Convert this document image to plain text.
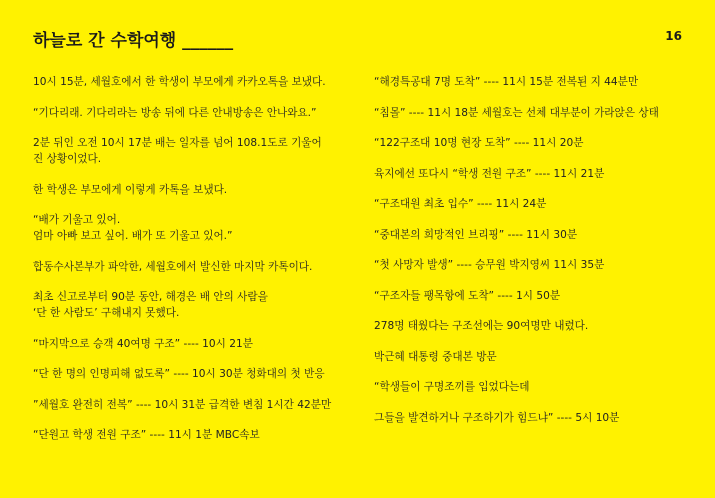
하늘로 간 수학여행 ______	16

10시 15분, 세월호에서 한 학생이 부모에게 카카오톡을 보냈다.

“기다리래. 기다리라는 방송 뒤에 다른 안내방송은 안나와요.”

2분 뒤인 오전 10시 17분 배는 일자를 넘어 108.1도로 기울어
진 상황이었다.

한 학생은 부모에게 이렇게 카톡을 보냈다.

“배가 기울고 있어.
엄마 아빠 보고 싶어. 배가 또 기울고 있어.”

합동수사본부가 파악한, 세월호에서 발신한 마지막 카톡이다.

최초 신고로부터 90분 동안, 해경은 배 안의 사람을
‘단 한 사람도’ 구해내지 못했다.

“마지막으로 승객 40여명 구조” ---- 10시 21분

“단 한 명의 인명피해 없도록” ---- 10시 30분 청화대의 첫 반응

”세월호 완전히 전복” ---- 10시 31분 급격한 변침 1시간 42분만

“단원고 학생 전원 구조” ---- 11시 1분 MBC속보

“해경특공대 7명 도착” ---- 11시 15분 전복된 지 44분만

“침몰” ---- 11시 18분 세월호는 선체 대부분이 가라앉은 상태

“122구조대 10명 현장 도착” ---- 11시 20분

육지에선 또다시 “학생 전원 구조” ---- 11시 21분

“구조대원 최초 입수” ---- 11시 24분

“중대본의 희망적인 브리핑” ---- 11시 30분

“첫 사망자 발생” ---- 승무원 박지영씨 11시 35분

“구조자들 팽목항에 도착” ---- 1시 50분

278명 태웠다는 구조선에는 90여명만 내렸다.

박근혜 대통령 중대본 방문

“학생들이 구명조끼를 입었다는데

그들을 발견하거나 구조하기가 힘드냐” ---- 5시 10분
